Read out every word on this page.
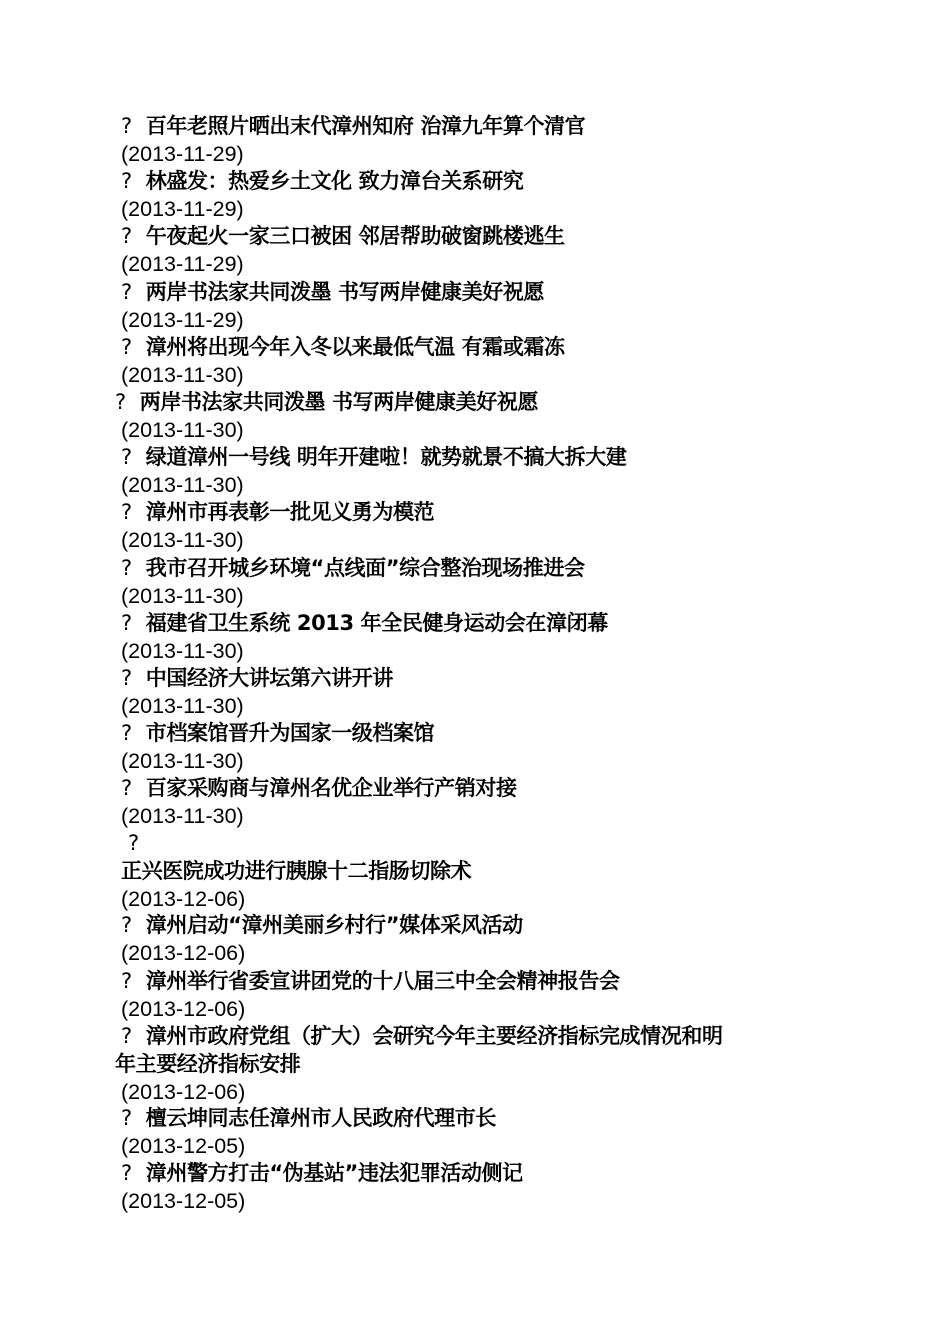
? 百年老照片晒出末代漳州知府 治漳九年算个清官
(2013-11-29)
? 林盛发：热爱乡土文化 致力漳台关系研究
(2013-11-29)
? 午夜起火一家三口被困 邻居帮助破窗跳楼逃生
(2013-11-29)
? 两岸书法家共同泼墨 书写两岸健康美好祝愿
(2013-11-29)
? 漳州将出现今年入冬以来最低气温 有霜或霜冻
(2013-11-30)
? 两岸书法家共同泼墨 书写两岸健康美好祝愿
(2013-11-30)
? 绿道漳州一号线 明年开建啦！就势就景不搞大拆大建
(2013-11-30)
? 漳州市再表彰一批见义勇为模范
(2013-11-30)
? 我市召开城乡环境“点线面”综合整治现场推进会
(2013-11-30)
? 福建省卫生系统 2013 年全民健身运动会在漳闭幕
(2013-11-30)
? 中国经济大讲坛第六讲开讲
(2013-11-30)
? 市档案馆晋升为国家一级档案馆
(2013-11-30)
? 百家采购商与漳州名优企业举行产销对接
(2013-11-30)
?
正兴医院成功进行胰腺十二指肠切除术
(2013-12-06)
? 漳州启动“漳州美丽乡村行”媒体采风活动
(2013-12-06)
? 漳州举行省委宣讲团党的十八届三中全会精神报告会
(2013-12-06)
? 漳州市政府党组（扩大）会研究今年主要经济指标完成情况和明
年主要经济指标安排
(2013-12-06)
? 檀云坤同志任漳州市人民政府代理市长
(2013-12-05)
? 漳州警方打击“伪基站”违法犯罪活动侧记
(2013-12-05)
